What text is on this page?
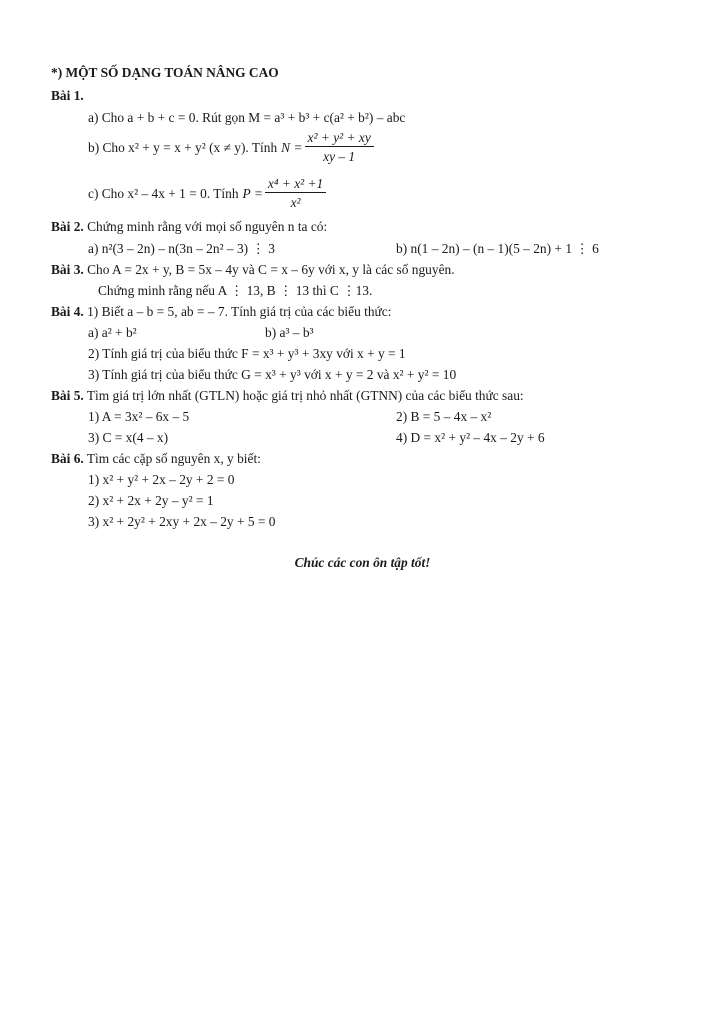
*) MỘT SỐ DẠNG TOÁN NÂNG CAO
Bài 1.
a) Cho a + b + c = 0. Rút gọn M = a³ + b³ + c(a² + b²) – abc
b) Cho x² + y = x + y² (x ≠ y). Tính $N = \frac{\text{x² + y² + xy}}{xy - 1}$
c) Cho x² – 4x + 1 = 0. Tính $P = \frac{\text{x⁴ + x² +1}}{\text{x²}}$
Bài 2. Chứng minh rằng với mọi số nguyên n ta có:
a) n²(3 – 2n) – n(3n – 2n² – 3) ⋮ 3	b) n(1 – 2n) – (n – 1)(5 – 2n) + 1 ⋮ 6
Bài 3. Cho A = 2x + y, B = 5x – 4y và C = x – 6y với x, y là các số nguyên.
Chứng minh rằng nếu A ⋮ 13, B ⋮ 13 thì C ⋮13.
Bài 4. 1) Biết a – b = 5, ab = – 7. Tính giá trị của các biểu thức:
a) a² + b²	b) a³ – b³
2) Tính giá trị của biểu thức F = x³ + y³ + 3xy với x + y = 1
3) Tính giá trị của biểu thức G = x³ + y³ với x + y = 2 và x² + y² = 10
Bài 5. Tìm giá trị lớn nhất (GTLN) hoặc giá trị nhỏ nhất (GTNN) của các biểu thức sau:
1) A = 3x² – 6x – 5	2) B = 5 – 4x – x²
3) C = x(4 – x)	4) D = x² + y² – 4x – 2y + 6
Bài 6. Tìm các cặp số nguyên x, y biết:
1) x² + y² + 2x – 2y + 2 = 0
2) x² + 2x + 2y – y² = 1
3) x² + 2y² + 2xy + 2x – 2y + 5 = 0
Chúc các con ôn tập tốt!
